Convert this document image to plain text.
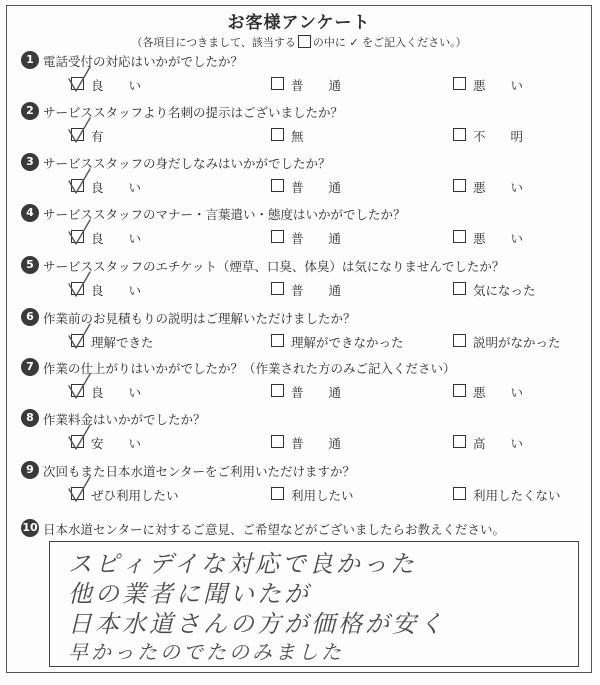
お客様アンケート
（各項目につきまして、該当する の中に ✓ をご記入ください。）
1 電話受付の対応はいかがでしたか？
良　　い	普　　通	悪　　い
2 サービススタッフより名刺の提示はございましたか？
有	無	不　　明
3 サービススタッフの身だしなみはいかがでしたか？
良　　い	普　　通	悪　　い
4 サービススタッフのマナー・言葉遣い・態度はいかがでしたか？
良　　い	普　　通	悪　　い
5 サービススタッフのエチケット（煙草、口臭、体臭）は気になりませんでしたか？
良　　い	普　　通	気になった
6 作業前のお見積もりの説明はご理解いただけましたか？
理解できた	理解ができなかった	説明がなかった
7 作業の仕上がりはいかがでしたか？（作業された方のみご記入ください）
良　　い	普　　通	悪　　い
8 作業料金はいかがでしたか？
安　　い	普　　通	高　　い
9 次回もまた日本水道センターをご利用いただけますか？
ぜひ利用したい	利用したい	利用したくない
10 日本水道センターに対するご意見、ご希望などがございましたらお教えください。
スピィデイな対応で良かった
他の業者に聞いたが
日本水道さんの方が価格が安く
早かったのでたのみました
